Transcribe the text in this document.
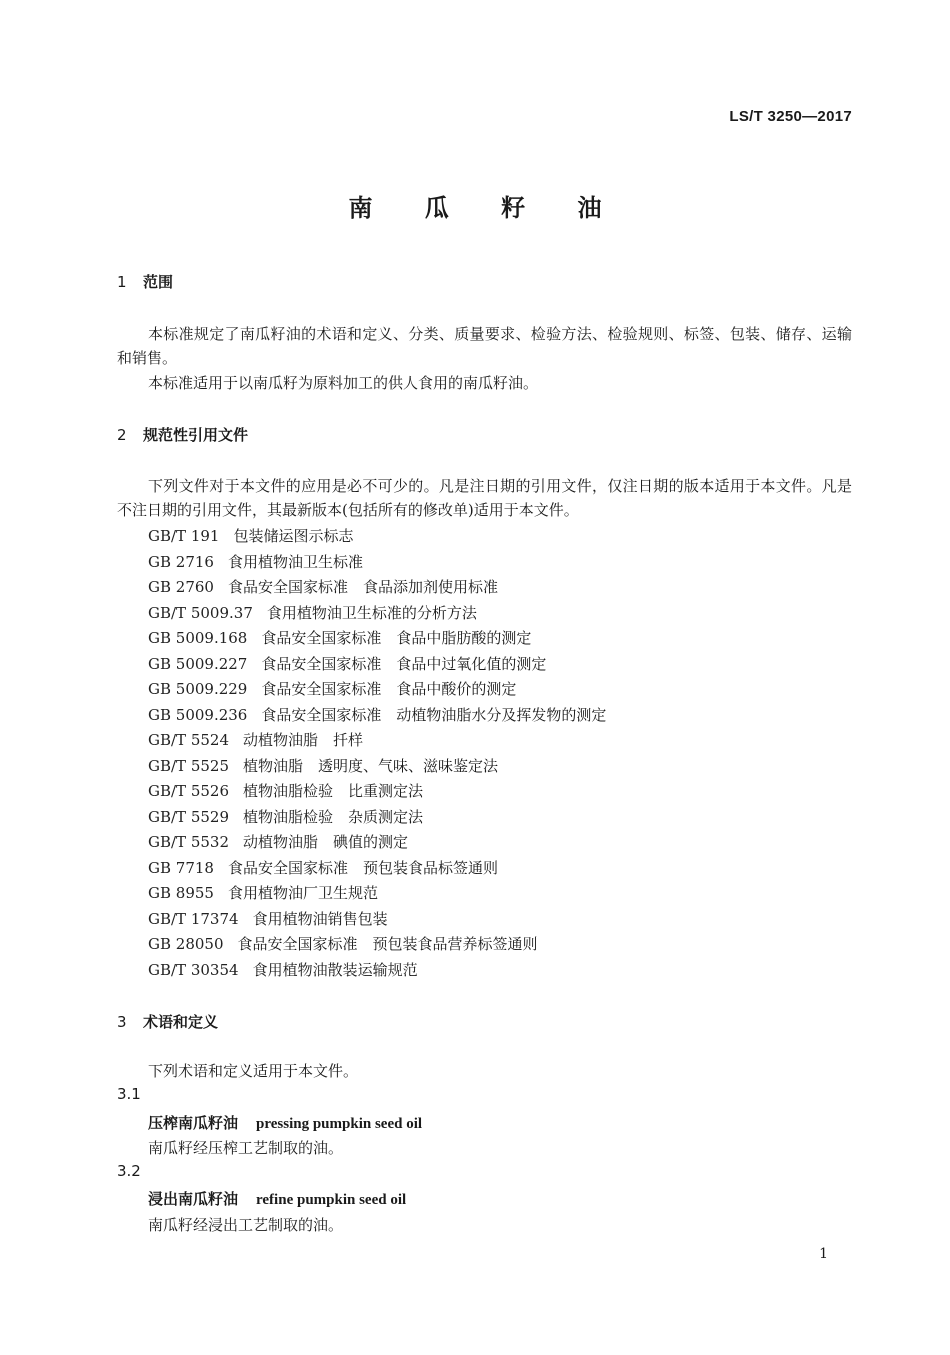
LS/T 3250—2017
南 瓜 籽 油
1 范围
本标准规定了南瓜籽油的术语和定义、分类、质量要求、检验方法、检验规则、标签、包装、储存、运输和销售。
本标准适用于以南瓜籽为原料加工的供人食用的南瓜籽油。
2 规范性引用文件
下列文件对于本文件的应用是必不可少的。凡是注日期的引用文件，仅注日期的版本适用于本文件。凡是不注日期的引用文件，其最新版本(包括所有的修改单)适用于本文件。
GB/T 191 包装储运图示标志
GB 2716 食用植物油卫生标准
GB 2760 食品安全国家标准　食品添加剂使用标准
GB/T 5009.37 食用植物油卫生标准的分析方法
GB 5009.168 食品安全国家标准　食品中脂肪酸的测定
GB 5009.227 食品安全国家标准　食品中过氧化值的测定
GB 5009.229 食品安全国家标准　食品中酸价的测定
GB 5009.236 食品安全国家标准　动植物油脂水分及挥发物的测定
GB/T 5524 动植物油脂　扦样
GB/T 5525 植物油脂　透明度、气味、滋味鉴定法
GB/T 5526 植物油脂检验　比重测定法
GB/T 5529 植物油脂检验　杂质测定法
GB/T 5532 动植物油脂　碘值的测定
GB 7718 食品安全国家标准　预包装食品标签通则
GB 8955 食用植物油厂卫生规范
GB/T 17374 食用植物油销售包装
GB 28050 食品安全国家标准　预包装食品营养标签通则
GB/T 30354 食用植物油散装运输规范
3 术语和定义
下列术语和定义适用于本文件。
3.1
压榨南瓜籽油 pressing pumpkin seed oil
南瓜籽经压榨工艺制取的油。
3.2
浸出南瓜籽油 refine pumpkin seed oil
南瓜籽经浸出工艺制取的油。
1
